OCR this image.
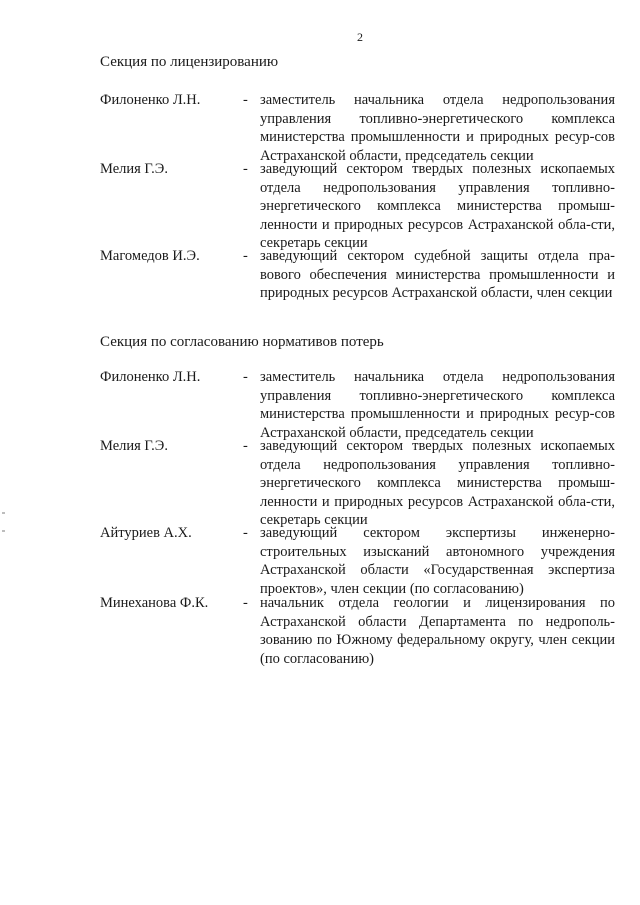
2
Секция по лицензированию
Филоненко Л.Н.	- заместитель начальника отдела недропользования управления топливно-энергетического комплекса министерства промышленности и природных ресур-сов Астраханской области, председатель секции
Мелия Г.Э.	- заведующий сектором твердых полезных ископаемых отдела недропользования управления топливно-энергетического комплекса министерства промыш-ленности и природных ресурсов Астраханской обла-сти, секретарь секции
Магомедов И.Э.	- заведующий сектором судебной защиты отдела пра-вового обеспечения министерства промышленности и природных ресурсов Астраханской области, член секции
Секция по согласованию нормативов потерь
Филоненко Л.Н.	- заместитель начальника отдела недропользования управления топливно-энергетического комплекса министерства промышленности и природных ресур-сов Астраханской области, председатель секции
Мелия Г.Э.	- заведующий сектором твердых полезных ископаемых отдела недропользования управления топливно-энергетического комплекса министерства промыш-ленности и природных ресурсов Астраханской обла-сти, секретарь секции
Айтуриев А.Х.	- заведующий сектором экспертизы инженерно-строительных изысканий автономного учреждения Астраханской области «Государственная экспертиза проектов», член секции (по согласованию)
Минеханова Ф.К. - начальник отдела геологии и лицензирования по Астраханской области Департамента по недрополь-зованию по Южному федеральному округу, член секции (по согласованию)
